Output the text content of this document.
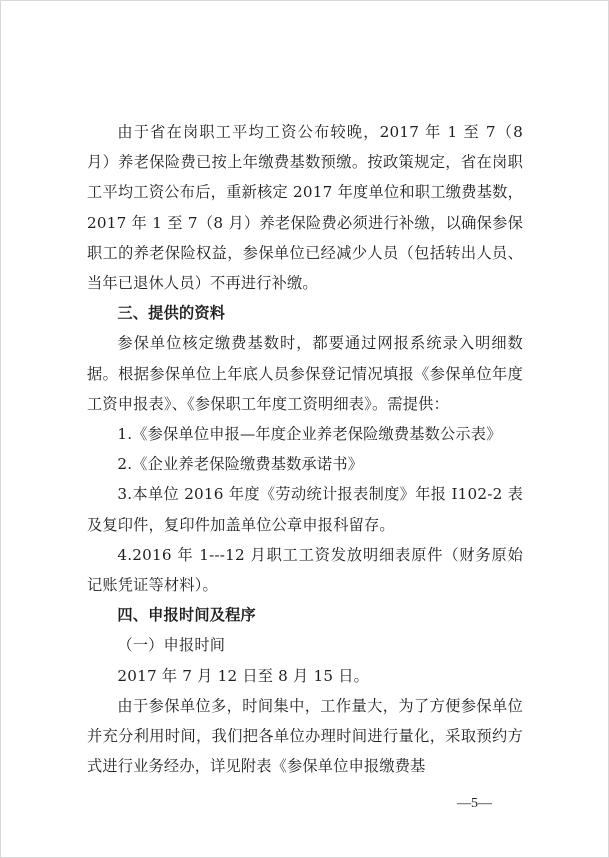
由于省在岗职工平均工资公布较晚，2017 年 1 至 7（8 月）养老保险费已按上年缴费基数预缴。按政策规定，省在岗职工平均工资公布后，重新核定 2017 年度单位和职工缴费基数，2017 年 1 至 7（8 月）养老保险费必须进行补缴，以确保参保职工的养老保险权益，参保单位已经减少人员（包括转出人员、当年已退休人员）不再进行补缴。

三、提供的资料

参保单位核定缴费基数时，都要通过网报系统录入明细数据。根据参保单位上年底人员参保登记情况填报《参保单位年度工资申报表》、《参保职工年度工资明细表》。需提供：

1.《参保单位申报—年度企业养老保险缴费基数公示表》

2.《企业养老保险缴费基数承诺书》

3.本单位 2016 年度《劳动统计报表制度》年报 I102-2 表及复印件，复印件加盖单位公章申报科留存。

4.2016 年 1---12 月职工工资发放明细表原件（财务原始记账凭证等材料）。

四、申报时间及程序

（一）申报时间

2017 年 7 月 12 日至 8 月 15 日。

由于参保单位多，时间集中，工作量大，为了方便参保单位并充分利用时间，我们把各单位办理时间进行量化，采取预约方式进行业务经办，详见附表《参保单位申报缴费基

—5—
